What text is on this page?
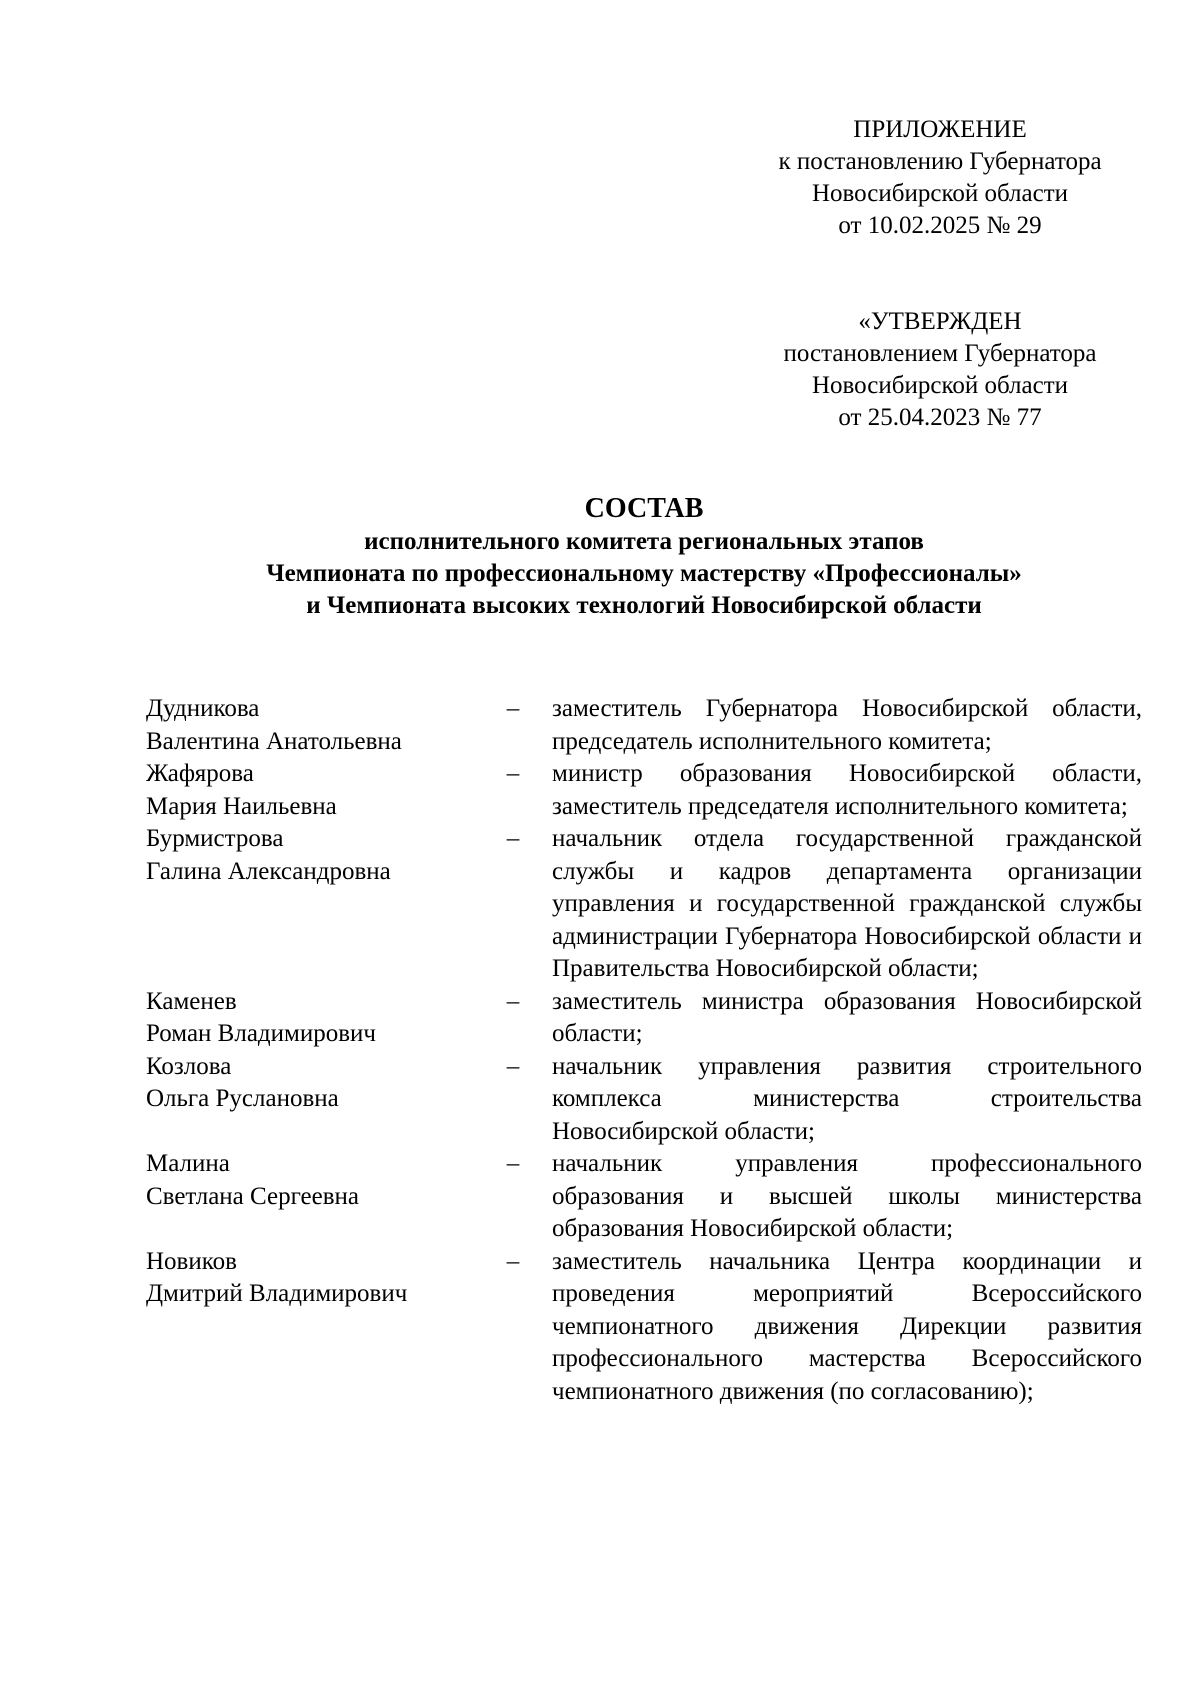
ПРИЛОЖЕНИЕ
к постановлению Губернатора
Новосибирской области
от 10.02.2025 № 29
«УТВЕРЖДЕН
постановлением Губернатора
Новосибирской области
от 25.04.2023 № 77
СОСТАВ
исполнительного комитета региональных этапов
Чемпионата по профессиональному мастерству «Профессионалы»
и Чемпионата высоких технологий Новосибирской области
Дудникова
Валентина Анатольевна
–	заместитель Губернатора Новосибирской области, председатель исполнительного комитета;
Жафярова
Мария Наильевна
–	министр образования Новосибирской области, заместитель председателя исполнительного комитета;
Бурмистрова
Галина Александровна
–	начальник отдела государственной гражданской службы и кадров департамента организации управления и государственной гражданской службы администрации Губернатора Новосибирской области и Правительства Новосибирской области;
Каменев
Роман Владимирович
–	заместитель министра образования Новосибирской области;
Козлова
Ольга Руслановна
–	начальник управления развития строительного комплекса министерства строительства Новосибирской области;
Малина
Светлана Сергеевна
–	начальник управления профессионального образования и высшей школы министерства образования Новосибирской области;
Новиков
Дмитрий Владимирович
–	заместитель начальника Центра координации и проведения мероприятий Всероссийского чемпионатного движения Дирекции развития профессионального мастерства Всероссийского чемпионатного движения (по согласованию);
